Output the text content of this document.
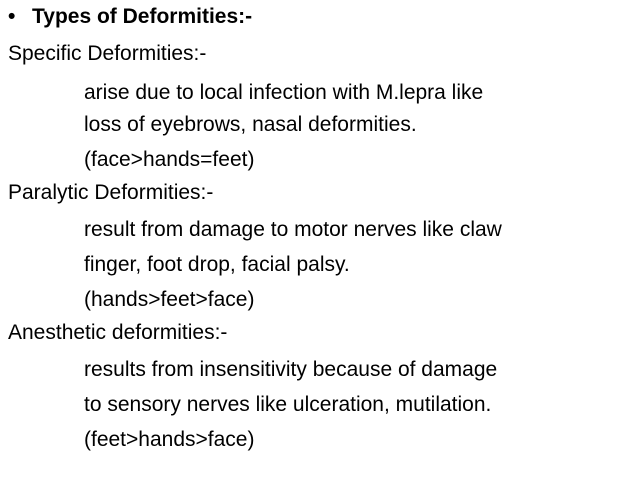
• Types of Deformities:-
Specific Deformities:-
arise due to local infection with M.lepra like
loss of eyebrows, nasal deformities.
(face>hands=feet)
Paralytic Deformities:-
result from damage to motor nerves like claw
finger, foot drop, facial palsy.
(hands>feet>face)
Anesthetic deformities:-
results from insensitivity because of damage
to sensory nerves like ulceration, mutilation.
(feet>hands>face)
